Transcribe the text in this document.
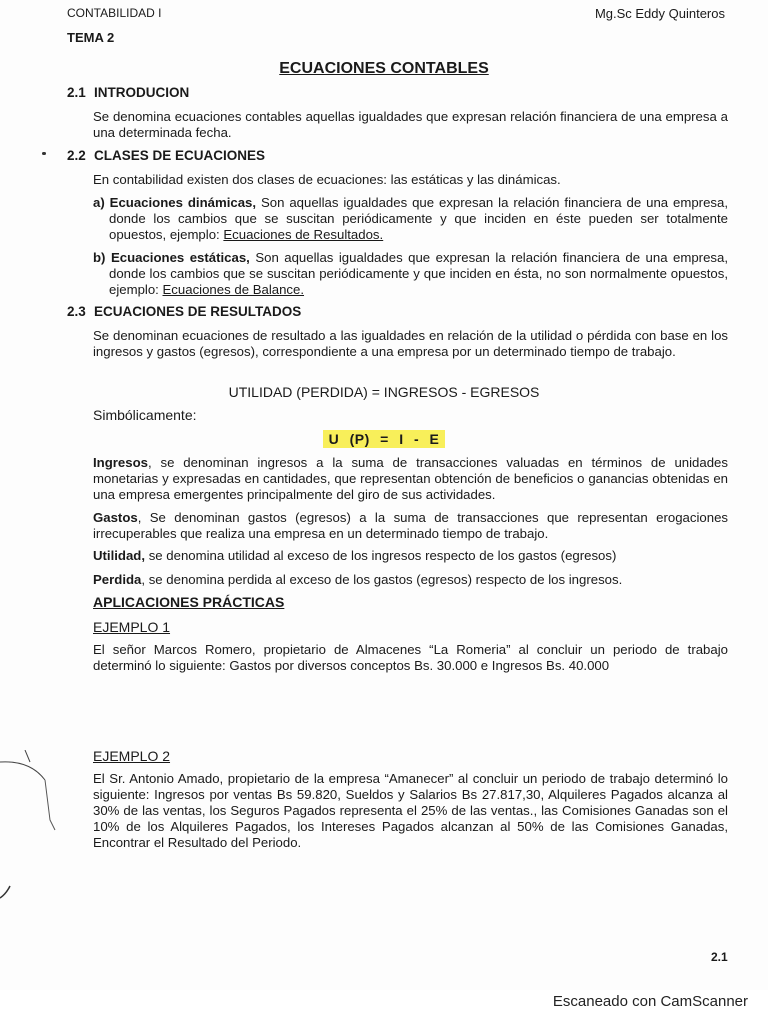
CONTABILIDAD I	Mg.Sc Eddy Quinteros
TEMA 2
ECUACIONES CONTABLES
2.1 INTRODUCION
Se denomina ecuaciones contables aquellas igualdades que expresan relación financiera de una empresa a una determinada fecha.
2.2 CLASES DE ECUACIONES
En contabilidad existen dos clases de ecuaciones: las estáticas y las dinámicas.
a) Ecuaciones dinámicas, Son aquellas igualdades que expresan la relación financiera de una empresa, donde los cambios que se suscitan periódicamente y que inciden en éste pueden ser totalmente opuestos, ejemplo: Ecuaciones de Resultados.
b) Ecuaciones estáticas, Son aquellas igualdades que expresan la relación financiera de una empresa, donde los cambios que se suscitan periódicamente y que inciden en ésta, no son normalmente opuestos, ejemplo: Ecuaciones de Balance.
2.3 ECUACIONES DE RESULTADOS
Se denominan ecuaciones de resultado a las igualdades en relación de la utilidad o pérdida con base en los ingresos y gastos (egresos), correspondiente a una empresa por un determinado tiempo de trabajo.
UTILIDAD (PERDIDA) = INGRESOS - EGRESOS
Simbólicamente:
U (P) = I - E
Ingresos, se denominan ingresos a la suma de transacciones valuadas en términos de unidades monetarias y expresadas en cantidades, que representan obtención de beneficios o ganancias obtenidas en una empresa emergentes principalmente del giro de sus actividades.
Gastos, Se denominan gastos (egresos) a la suma de transacciones que representan erogaciones irrecuperables que realiza una empresa en un determinado tiempo de trabajo.
Utilidad, se denomina utilidad al exceso de los ingresos respecto de los gastos (egresos)
Perdida, se denomina perdida al exceso de los gastos (egresos) respecto de los ingresos.
APLICACIONES PRÁCTICAS
EJEMPLO 1
El señor Marcos Romero, propietario de Almacenes “La Romeria” al concluir un periodo de trabajo determinó lo siguiente: Gastos por diversos conceptos Bs. 30.000 e Ingresos Bs. 40.000
EJEMPLO 2
El Sr. Antonio Amado, propietario de la empresa “Amanecer” al concluir un periodo de trabajo determinó lo siguiente: Ingresos por ventas Bs 59.820, Sueldos y Salarios Bs 27.817,30, Alquileres Pagados alcanza al 30% de las ventas, los Seguros Pagados representa el 25% de las ventas., las Comisiones Ganadas son el 10% de los Alquileres Pagados, los Intereses Pagados alcanzan al 50% de las Comisiones Ganadas, Encontrar el Resultado del Periodo.
2.1
Escaneado con CamScanner
